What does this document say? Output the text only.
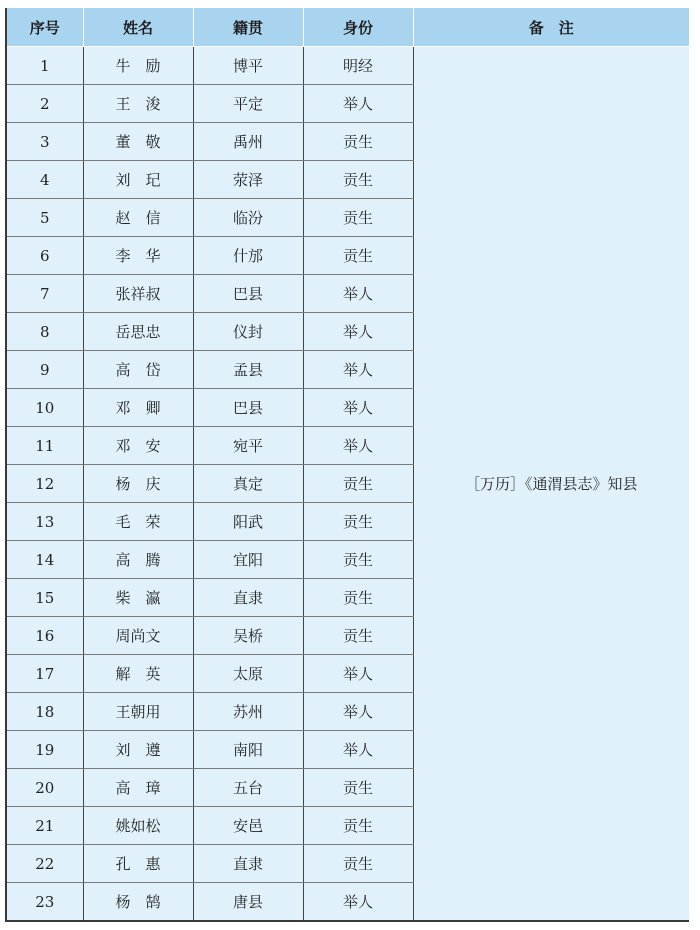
序号	姓名	籍贯	身份	备　注
1	牛　励	博平	明经	［万历］《通渭县志》知县
2	王　浚	平定	举人	
3	董　敬	禹州	贡生	
4	刘　玘	荥泽	贡生	
5	赵　信	临汾	贡生	
6	李　华	什邡	贡生	
7	张祥叔	巴县	举人	
8	岳思忠	仪封	举人	
9	高　岱	孟县	举人	
10	邓　卿	巴县	举人	
11	邓　安	宛平	举人	
12	杨　庆	真定	贡生	
13	毛　荣	阳武	贡生	
14	高　腾	宜阳	贡生	
15	柴　瀛	直隶	贡生	
16	周尚文	吴桥	贡生	
17	解　英	太原	举人	
18	王朝用	苏州	举人	
19	刘　遵	南阳	举人	
20	高　璋	五台	贡生	
21	姚如松	安邑	贡生	
22	孔　惠	直隶	贡生	
23	杨　鹄	唐县	举人	
